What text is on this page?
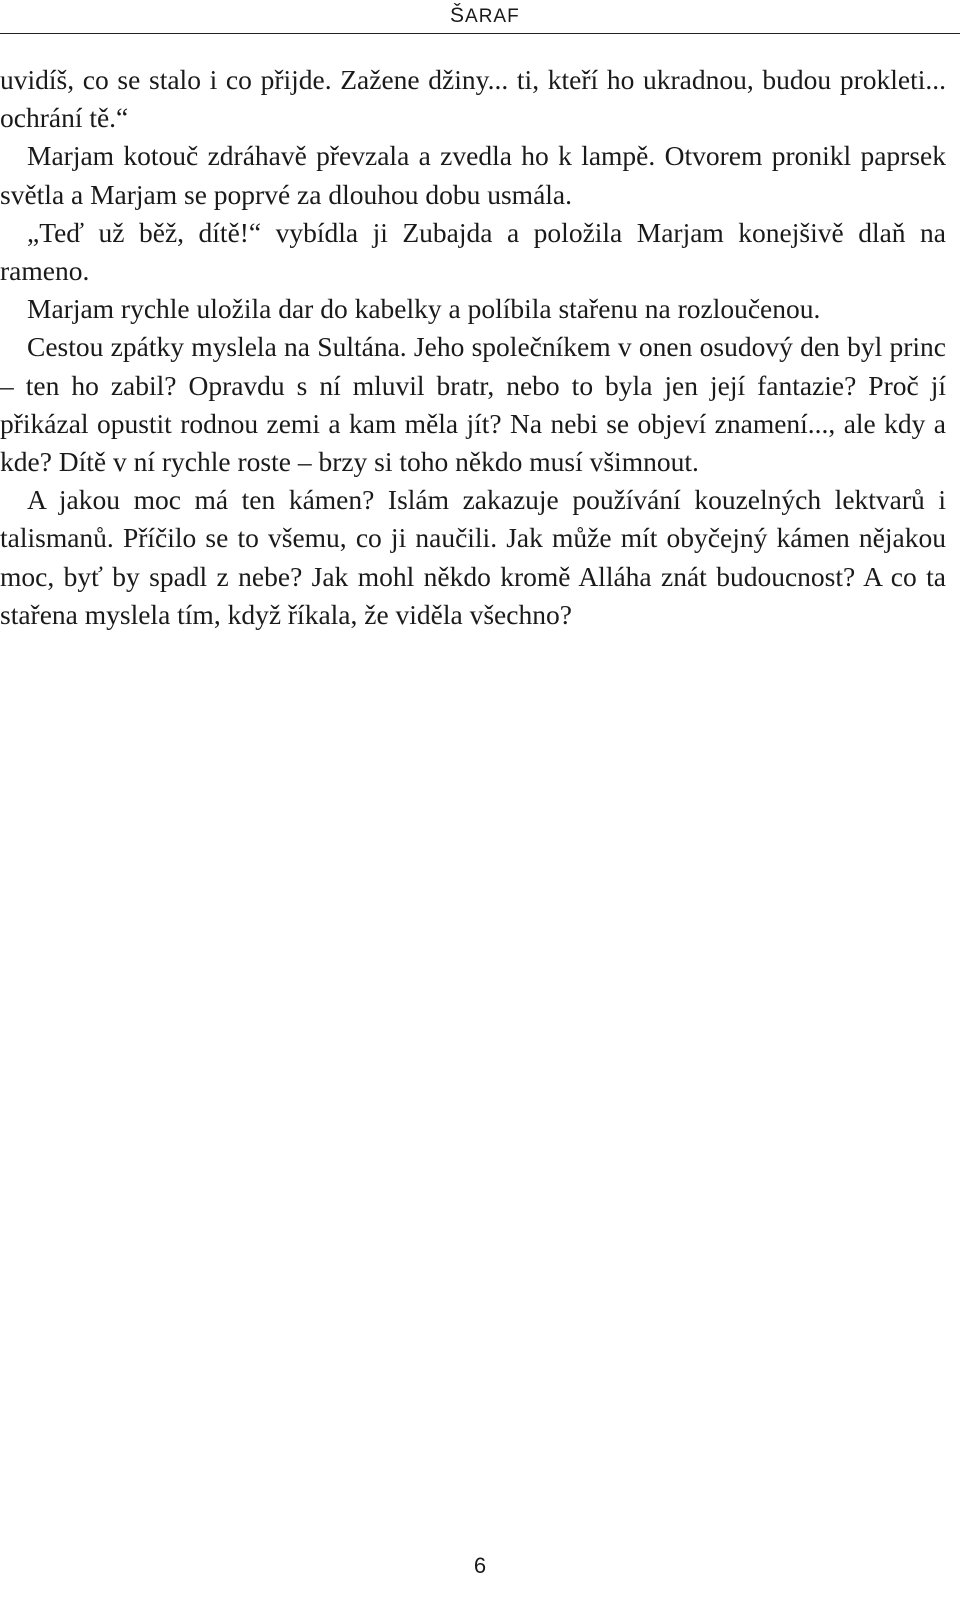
ŠARAF

uvidíš, co se stalo i co přijde. Zažene džiny... ti, kteří ho ukradnou, budou prokleti... ochrání tě.“

Marjam kotouč zdráhavě převzala a zvedla ho k lampě. Otvorem pronikl paprsek světla a Marjam se poprvé za dlouhou dobu usmála.

„Teď už běž, dítě!“ vybídla ji Zubajda a položila Marjam konejšivě dlaň na rameno.

Marjam rychle uložila dar do kabelky a políbila stařenu na rozloučenou.

Cestou zpátky myslela na Sultána. Jeho společníkem v onen osudový den byl princ – ten ho zabil? Opravdu s ní mluvil bratr, nebo to byla jen její fantazie? Proč jí přikázal opustit rodnou zemi a kam měla jít? Na nebi se objeví znamení..., ale kdy a kde? Dítě v ní rychle roste – brzy si toho někdo musí všimnout.

A jakou moc má ten kámen? Islám zakazuje používání kouzelných lektvarů i talismanů. Příčilo se to všemu, co ji naučili. Jak může mít obyčejný kámen nějakou moc, byť by spadl z nebe? Jak mohl někdo kromě Alláha znát budoucnost? A co ta stařena myslela tím, když říkala, že viděla všechno?

6
